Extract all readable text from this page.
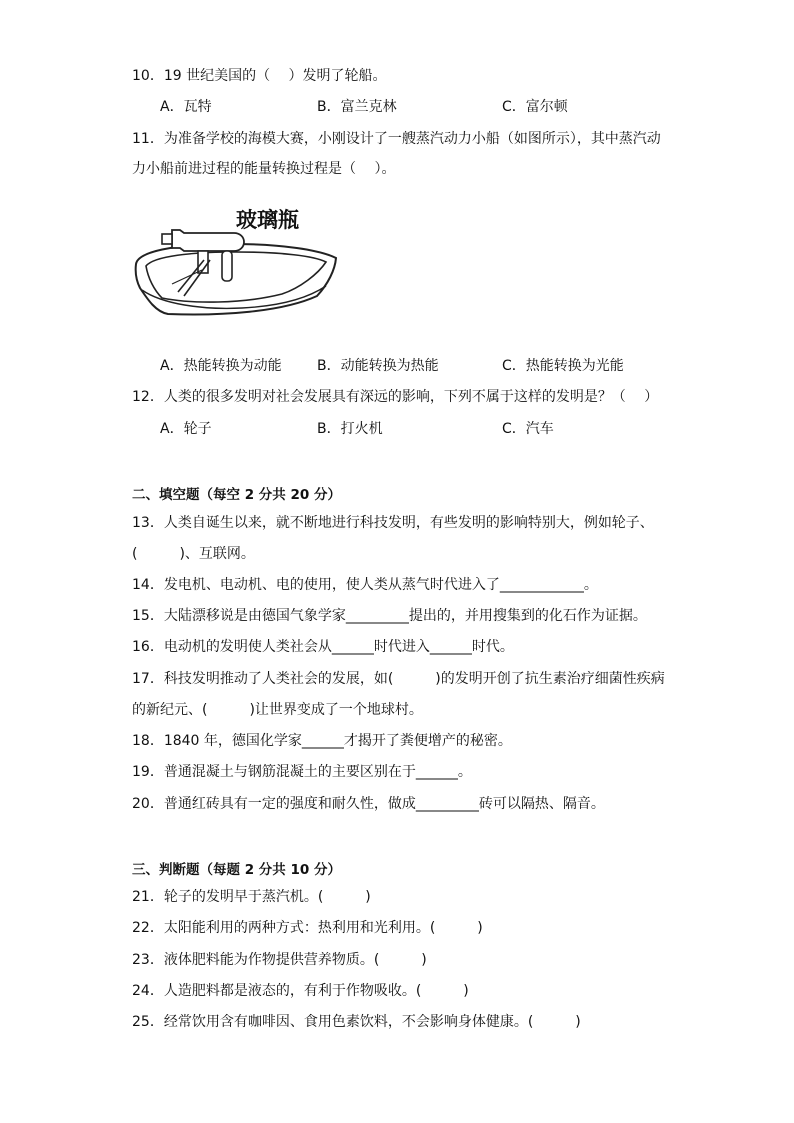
10．19 世纪美国的（　 ）发明了轮船。
A．瓦特	B．富兰克林	C．富尔顿
11．为准备学校的海模大赛，小刚设计了一艘蒸汽动力小船（如图所示），其中蒸汽动
力小船前进过程的能量转换过程是（　 ）。
玻璃瓶
A．热能转换为动能	B．动能转换为热能	C．热能转换为光能
12．人类的很多发明对社会发展具有深远的影响，下列不属于这样的发明是？（　 ）
A．轮子	B．打火机	C．汽车
二、填空题（每空 2 分共 20 分）
13．人类自诞生以来，就不断地进行科技发明，有些发明的影响特别大，例如轮子、
(　　　)、互联网。
14．发电机、电动机、电的使用，使人类从蒸气时代进入了____________。
15．大陆漂移说是由德国气象学家_________提出的，并用搜集到的化石作为证据。
16．电动机的发明使人类社会从______时代进入______时代。
17．科技发明推动了人类社会的发展，如(　　　)的发明开创了抗生素治疗细菌性疾病
的新纪元、(　　　)让世界变成了一个地球村。
18．1840 年，德国化学家______才揭开了粪便增产的秘密。
19．普通混凝土与钢筋混凝土的主要区别在于______。
20．普通红砖具有一定的强度和耐久性，做成_________砖可以隔热、隔音。
三、判断题（每题 2 分共 10 分）
21．轮子的发明早于蒸汽机。(　　　)
22．太阳能利用的两种方式：热利用和光利用。(　　　)
23．液体肥料能为作物提供营养物质。(　　　)
24．人造肥料都是液态的，有利于作物吸收。(　　　)
25．经常饮用含有咖啡因、食用色素饮料，不会影响身体健康。(　　　)
